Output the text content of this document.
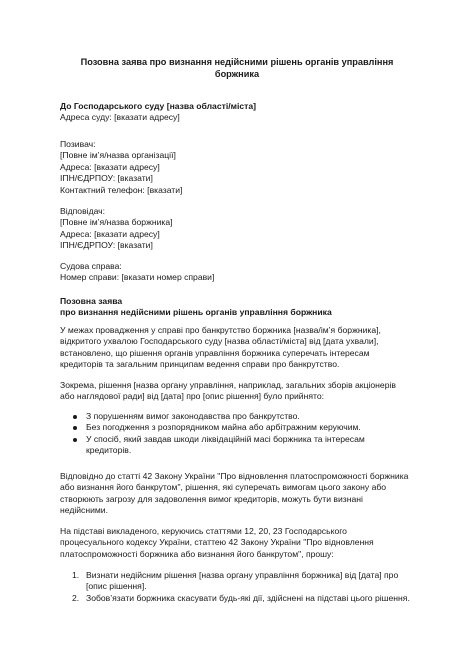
Позовна заява про визнання недійсними рішень органів управління
боржника
До Господарського суду [назва області/міста]
Адреса суду: [вказати адресу]
Позивач:
[Повне ім’я/назва організації]
Адреса: [вказати адресу]
ІПН/ЄДРПОУ: [вказати]
Контактний телефон: [вказати]
Відповідач:
[Повне ім’я/назва боржника]
Адреса: [вказати адресу]
ІПН/ЄДРПОУ: [вказати]
Судова справа:
Номер справи: [вказати номер справи]
Позовна заява
про визнання недійсними рішень органів управління боржника
У межах провадження у справі про банкрутство боржника [назва/ім’я боржника],
відкритого ухвалою Господарського суду [назва області/міста] від [дата ухвали],
встановлено, що рішення органів управління боржника суперечать інтересам
кредиторів та загальним принципам ведення справи про банкрутство.
Зокрема, рішення [назва органу управління, наприклад, загальних зборів акціонерів
або наглядової ради] від [дата] про [опис рішення] було прийнято:
З порушенням вимог законодавства про банкрутство.
Без погодження з розпорядником майна або арбітражним керуючим.
У спосіб, який завдав шкоди ліквідаційній масі боржника та інтересам
кредиторів.
Відповідно до статті 42 Закону України "Про відновлення платоспроможності боржника
або визнання його банкрутом", рішення, які суперечать вимогам цього закону або
створюють загрозу для задоволення вимог кредиторів, можуть бути визнані
недійсними.
На підставі викладеного, керуючись статтями 12, 20, 23 Господарського
процесуального кодексу України, статтею 42 Закону України "Про відновлення
платоспроможності боржника або визнання його банкрутом", прошу:
1. Визнати недійсним рішення [назва органу управління боржника] від [дата] про
[опис рішення].
2. Зобов’язати боржника скасувати будь-які дії, здійснені на підставі цього рішення.
